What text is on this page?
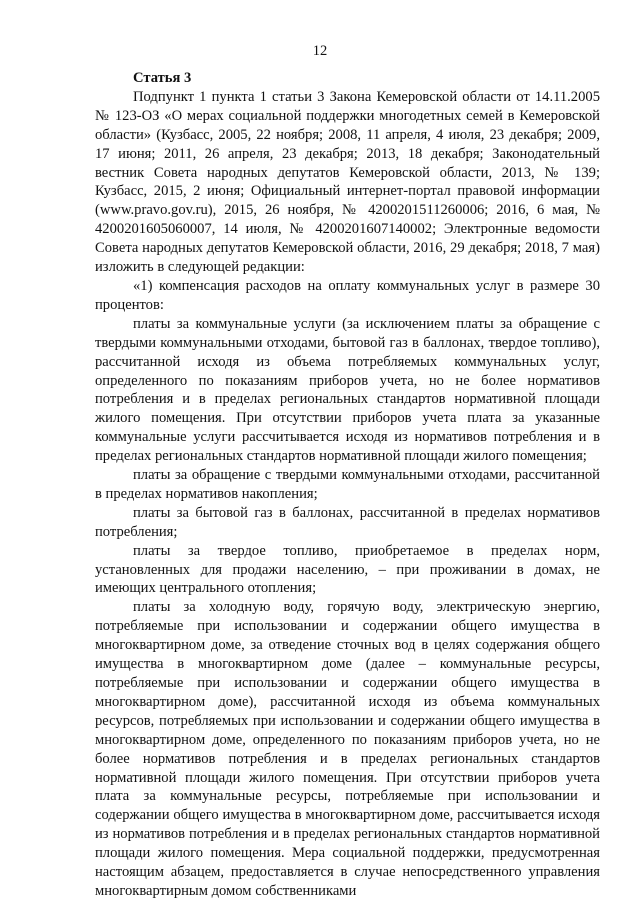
12

Статья 3

Подпункт 1 пункта 1 статьи 3 Закона Кемеровской области от 14.11.2005 № 123-ОЗ «О мерах социальной поддержки многодетных семей в Кемеровской области» (Кузбасс, 2005, 22 ноября; 2008, 11 апреля, 4 июля, 23 декабря; 2009, 17 июня; 2011, 26 апреля, 23 декабря; 2013, 18 декабря; Законодательный вестник Совета народных депутатов Кемеровской области, 2013, № 139; Кузбасс, 2015, 2 июня; Официальный интернет-портал правовой информации (www.pravo.gov.ru), 2015, 26 ноября, № 4200201511260006; 2016, 6 мая, № 4200201605060007, 14 июля, № 4200201607140002; Электронные ведомости Совета народных депутатов Кемеровской области, 2016, 29 декабря; 2018, 7 мая) изложить в следующей редакции:

«1) компенсация расходов на оплату коммунальных услуг в размере 30 процентов:

платы за коммунальные услуги (за исключением платы за обращение с твердыми коммунальными отходами, бытовой газ в баллонах, твердое топливо), рассчитанной исходя из объема потребляемых коммунальных услуг, определенного по показаниям приборов учета, но не более нормативов потребления и в пределах региональных стандартов нормативной площади жилого помещения. При отсутствии приборов учета плата за указанные коммунальные услуги рассчитывается исходя из нормативов потребления и в пределах региональных стандартов нормативной площади жилого помещения;

платы за обращение с твердыми коммунальными отходами, рассчитанной в пределах нормативов накопления;

платы за бытовой газ в баллонах, рассчитанной в пределах нормативов потребления;

платы за твердое топливо, приобретаемое в пределах норм, установленных для продажи населению, – при проживании в домах, не имеющих центрального отопления;

платы за холодную воду, горячую воду, электрическую энергию, потребляемые при использовании и содержании общего имущества в многоквартирном доме, за отведение сточных вод в целях содержания общего имущества в многоквартирном доме (далее – коммунальные ресурсы, потребляемые при использовании и содержании общего имущества в многоквартирном доме), рассчитанной исходя из объема коммунальных ресурсов, потребляемых при использовании и содержании общего имущества в многоквартирном доме, определенного по показаниям приборов учета, но не более нормативов потребления и в пределах региональных стандартов нормативной площади жилого помещения. При отсутствии приборов учета плата за коммунальные ресурсы, потребляемые при использовании и содержании общего имущества в многоквартирном доме, рассчитывается исходя из нормативов потребления и в пределах региональных стандартов нормативной площади жилого помещения. Мера социальной поддержки, предусмотренная настоящим абзацем, предоставляется в случае непосредственного управления многоквартирным домом собственниками
